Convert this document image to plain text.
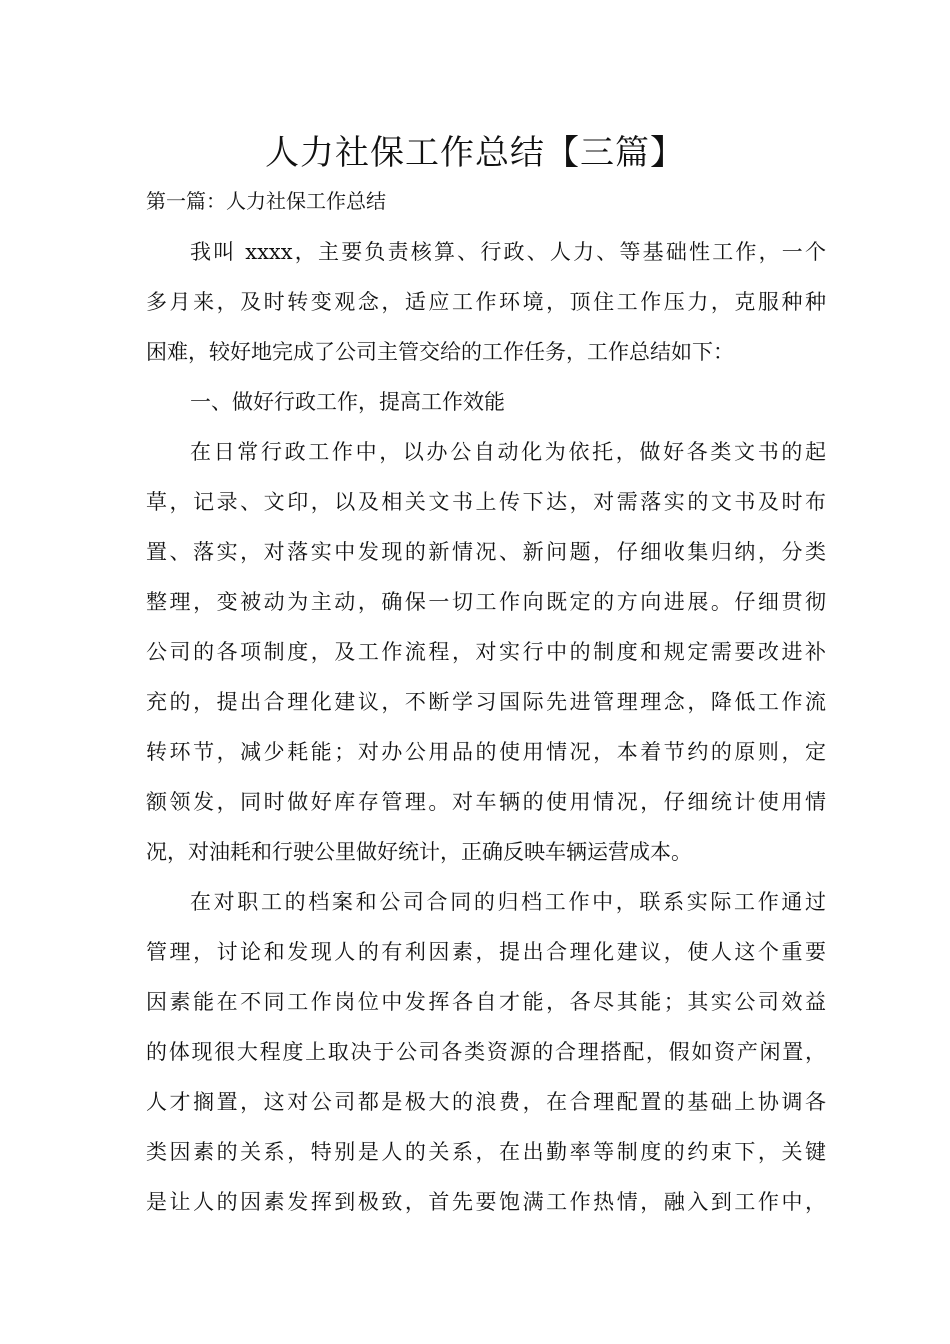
人力社保工作总结【三篇】
第一篇：人力社保工作总结
我叫 xxxx，主要负责核算、行政、人力、等基础性工作，一个
多月来，及时转变观念，适应工作环境，顶住工作压力，克服种种
困难，较好地完成了公司主管交给的工作任务，工作总结如下：
一、做好行政工作，提高工作效能
在日常行政工作中，以办公自动化为依托，做好各类文书的起
草，记录、文印，以及相关文书上传下达，对需落实的文书及时布
置、落实，对落实中发现的新情况、新问题，仔细收集归纳，分类
整理，变被动为主动，确保一切工作向既定的方向进展。仔细贯彻
公司的各项制度，及工作流程，对实行中的制度和规定需要改进补
充的，提出合理化建议，不断学习国际先进管理理念，降低工作流
转环节，减少耗能；对办公用品的使用情况，本着节约的原则，定
额领发，同时做好库存管理。对车辆的使用情况，仔细统计使用情
况，对油耗和行驶公里做好统计，正确反映车辆运营成本。
在对职工的档案和公司合同的归档工作中，联系实际工作通过
管理，讨论和发现人的有利因素，提出合理化建议，使人这个重要
因素能在不同工作岗位中发挥各自才能，各尽其能；其实公司效益
的体现很大程度上取决于公司各类资源的合理搭配，假如资产闲置，
人才搁置，这对公司都是极大的浪费，在合理配置的基础上协调各
类因素的关系，特别是人的关系，在出勤率等制度的约束下，关键
是让人的因素发挥到极致，首先要饱满工作热情，融入到工作中，
